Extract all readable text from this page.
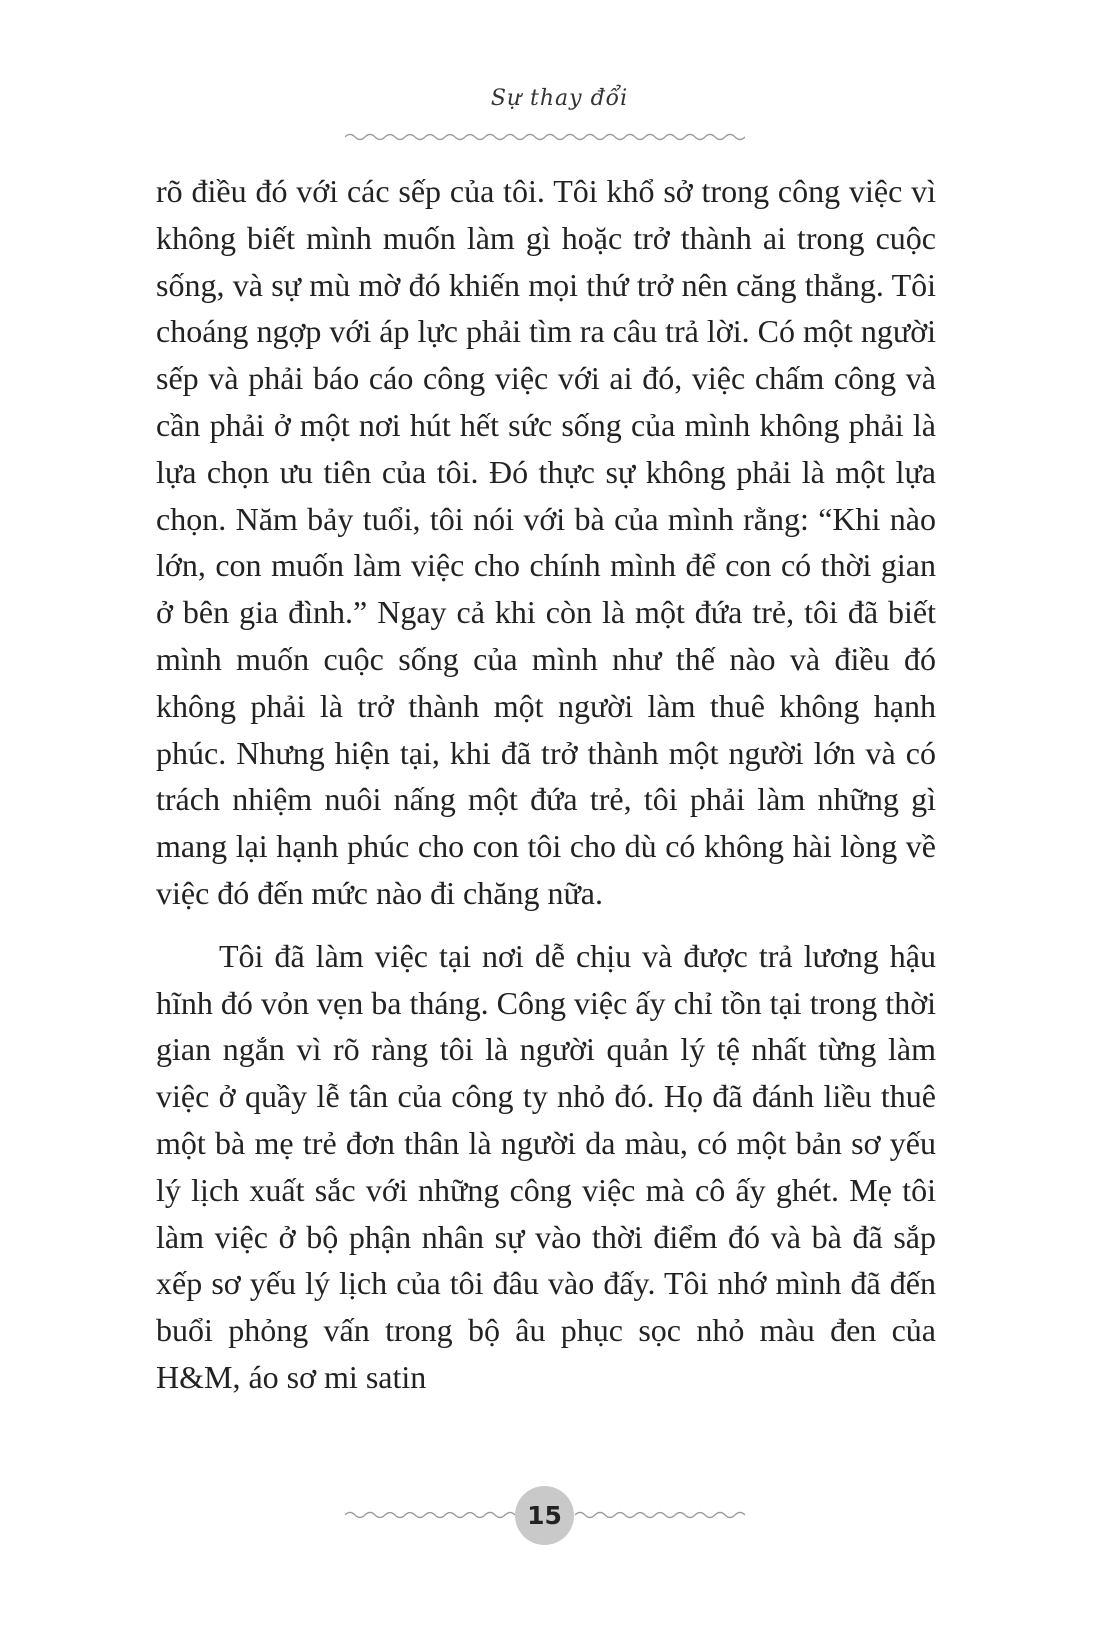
Sự thay đổi

rõ điều đó với các sếp của tôi. Tôi khổ sở trong công việc vì không biết mình muốn làm gì hoặc trở thành ai trong cuộc sống, và sự mù mờ đó khiến mọi thứ trở nên căng thẳng. Tôi choáng ngợp với áp lực phải tìm ra câu trả lời. Có một người sếp và phải báo cáo công việc với ai đó, việc chấm công và cần phải ở một nơi hút hết sức sống của mình không phải là lựa chọn ưu tiên của tôi. Đó thực sự không phải là một lựa chọn. Năm bảy tuổi, tôi nói với bà của mình rằng: “Khi nào lớn, con muốn làm việc cho chính mình để con có thời gian ở bên gia đình.” Ngay cả khi còn là một đứa trẻ, tôi đã biết mình muốn cuộc sống của mình như thế nào và điều đó không phải là trở thành một người làm thuê không hạnh phúc. Nhưng hiện tại, khi đã trở thành một người lớn và có trách nhiệm nuôi nấng một đứa trẻ, tôi phải làm những gì mang lại hạnh phúc cho con tôi cho dù có không hài lòng về việc đó đến mức nào đi chăng nữa.

Tôi đã làm việc tại nơi dễ chịu và được trả lương hậu hĩnh đó vỏn vẹn ba tháng. Công việc ấy chỉ tồn tại trong thời gian ngắn vì rõ ràng tôi là người quản lý tệ nhất từng làm việc ở quầy lễ tân của công ty nhỏ đó. Họ đã đánh liều thuê một bà mẹ trẻ đơn thân là người da màu, có một bản sơ yếu lý lịch xuất sắc với những công việc mà cô ấy ghét. Mẹ tôi làm việc ở bộ phận nhân sự vào thời điểm đó và bà đã sắp xếp sơ yếu lý lịch của tôi đâu vào đấy. Tôi nhớ mình đã đến buổi phỏng vấn trong bộ âu phục sọc nhỏ màu đen của H&M, áo sơ mi satin

15
